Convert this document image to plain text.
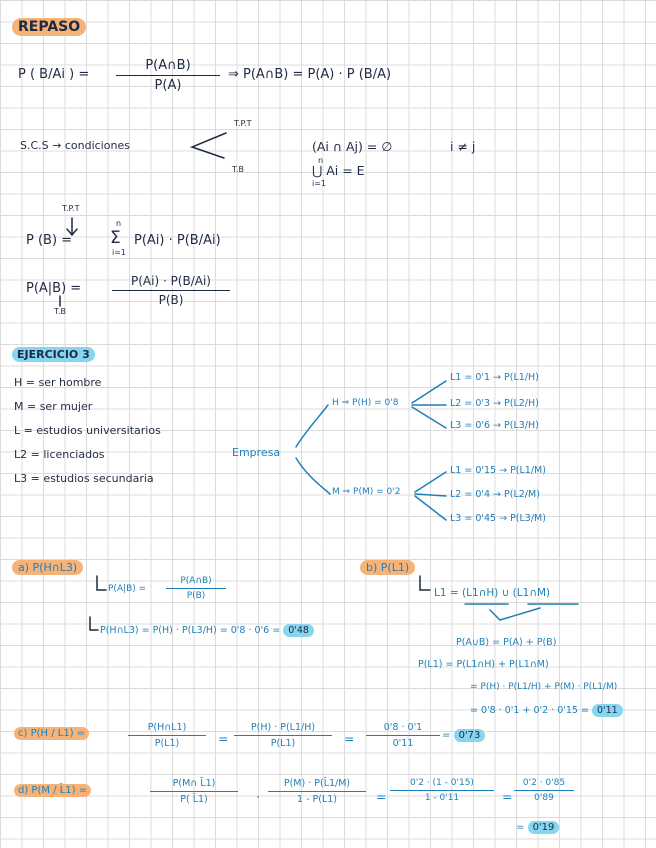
REPASO
P ( B/Ai ) = $\frac{P(A\cap B)}{P(A)}$ ⇒ P(A∩B) = P(A) · P (B/A)
S.C.S → condiciones
T.P.T
T.B
(Ai ∩ Aj) = ∅	i ≠ j
n
⋃ Ai = E
i=1
T.P.T
P (B) =
n
Σ
i=1
P(Ai) · P(B/Ai)
P(A|B) =
T.B
$\frac{P(Ai) \cdot P(B/Ai)}{P(B)}$
EJERCICIO 3
H = ser hombre
M = ser mujer
L = estudios universitarios
L2 = licenciados
L3 = estudios secundaria
Empresa
H ⇒ P(H) = 0'8
M ⇒ P(M) = 0'2
L1 = 0'1 → P(L1/H)
L2 = 0'3 → P(L2/H)
L3 = 0'6 → P(L3/H)
L1 = 0'15 → P(L1/M)
L2 = 0'4 → P(L2/M)
L3 = 0'45 → P(L3/M)
a) P(H∩L3)
$P(A|B) = \frac{P(A\cap B)}{P(B)}$
P(H∩L3) = P(H) · P(L3/H) = 0'8 · 0'6 = 0'48
b) P(L1)
L1 = (L1∩H) ∪ (L1∩M)
P(A∪B) = P(A) + P(B)
P(L1) = P(L1∩H) + P(L1∩M)
= P(H) · P(L1/H) + P(M) · P(L1/M)
= 0'8 · 0'1 + 0'2 · 0'15 = 0'11
c) P(H / L1) =	$\frac{P(H\cap L1)}{P(L1)} = \frac{P(H) \cdot P(L1/H)}{P(L1)} = \frac{0'8 \cdot 0'1}{0'11} = 0'73$
d) P(M / L̄1) =	$\frac{P(M\cap L̄1)}{P( L̄1)} \cdot \frac{P(M) \cdot P(L̄1/M)}{1 - P(L1)} = \frac{0'2 \cdot (1 - 0'15)}{1 - 0'11} = \frac{0'2 \cdot 0'85}{0'89}$
= 0'19
